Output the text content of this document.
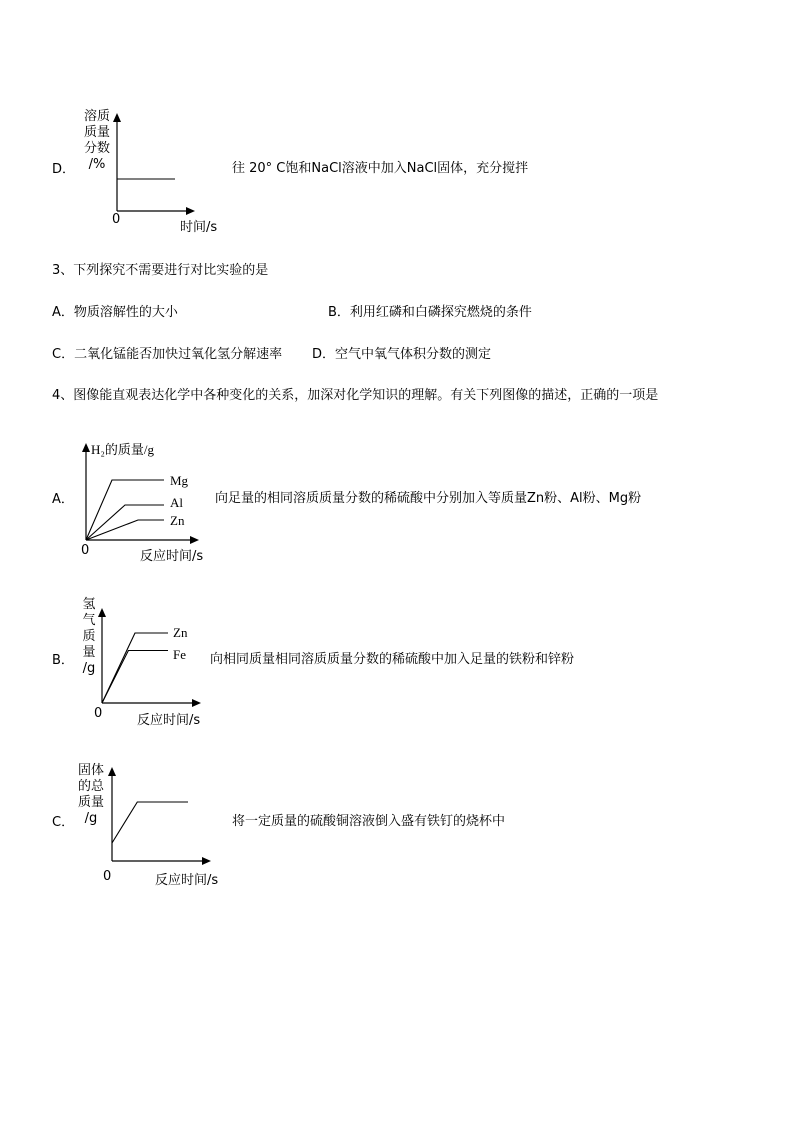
D．
溶质
质量
分数
/%
0
时间/s
往 20° C饱和NaCl溶液中加入NaCl固体，充分搅拌
3、下列探究不需要进行对比实验的是
A．物质溶解性的大小	B．利用红磷和白磷探究燃烧的条件
C．二氧化锰能否加快过氧化氢分解速率 D．空气中氧气体积分数的测定
4、图像能直观表达化学中各种变化的关系，加深对化学知识的理解。有关下列图像的描述，正确的一项是
A．
H₂的质量/g
0	反应时间/s
Mg
Al
Zn
向足量的相同溶质质量分数的稀硫酸中分别加入等质量Zn粉、Al粉、Mg粉
B．
氢
气
质
量
/g
0	反应时间/s
Zn
Fe 向相同质量相同溶质质量分数的稀硫酸中加入足量的铁粉和锌粉
C．
固体
的总
质量
/g
0	反应时间/s
将一定质量的硫酸铜溶液倒入盛有铁钉的烧杯中
